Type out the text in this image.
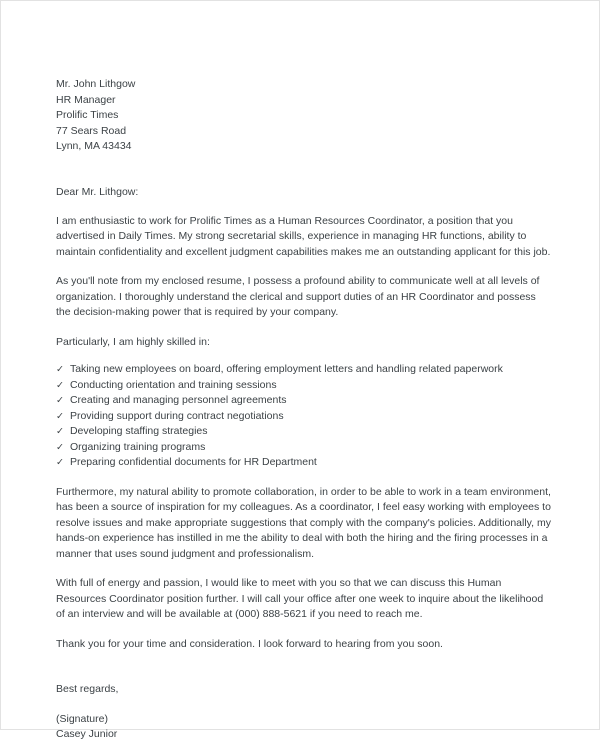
Mr. John Lithgow
HR Manager
Prolific Times
77 Sears Road
Lynn, MA 43434

Dear Mr. Lithgow:

I am enthusiastic to work for Prolific Times as a Human Resources Coordinator, a position that you advertised in Daily Times. My strong secretarial skills, experience in managing HR functions, ability to maintain confidentiality and excellent judgment capabilities makes me an outstanding applicant for this job.

As you'll note from my enclosed resume, I possess a profound ability to communicate well at all levels of organization. I thoroughly understand the clerical and support duties of an HR Coordinator and possess the decision-making power that is required by your company.

Particularly, I am highly skilled in:

✓ Taking new employees on board, offering employment letters and handling related paperwork
✓ Conducting orientation and training sessions
✓ Creating and managing personnel agreements
✓ Providing support during contract negotiations
✓ Developing staffing strategies
✓ Organizing training programs
✓ Preparing confidential documents for HR Department

Furthermore, my natural ability to promote collaboration, in order to be able to work in a team environment, has been a source of inspiration for my colleagues. As a coordinator, I feel easy working with employees to resolve issues and make appropriate suggestions that comply with the company's policies. Additionally, my hands-on experience has instilled in me the ability to deal with both the hiring and the firing processes in a manner that uses sound judgment and professionalism.

With full of energy and passion, I would like to meet with you so that we can discuss this Human Resources Coordinator position further. I will call your office after one week to inquire about the likelihood of an interview and will be available at (000) 888-5621 if you need to reach me.

Thank you for your time and consideration. I look forward to hearing from you soon.

Best regards,

(Signature)
Casey Junior
